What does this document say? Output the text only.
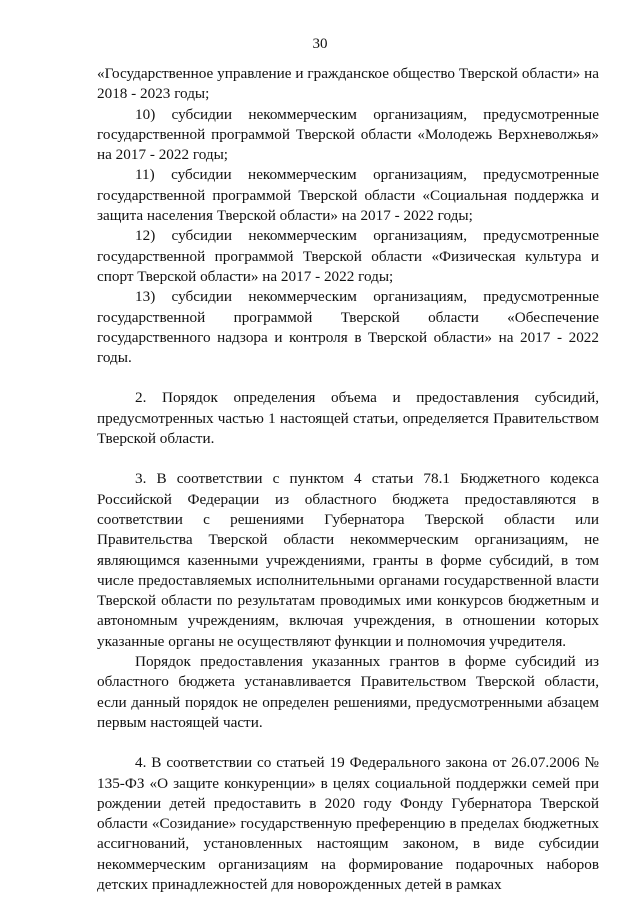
30

«Государственное управление и гражданское общество Тверской области» на 2018 - 2023 годы;

10) субсидии некоммерческим организациям, предусмотренные государственной программой Тверской области «Молодежь Верхневолжья» на 2017 - 2022 годы;

11) субсидии некоммерческим организациям, предусмотренные государственной программой Тверской области «Социальная поддержка и защита населения Тверской области» на 2017 - 2022 годы;

12) субсидии некоммерческим организациям, предусмотренные государственной программой Тверской области «Физическая культура и спорт Тверской области» на 2017 - 2022 годы;

13) субсидии некоммерческим организациям, предусмотренные государственной программой Тверской области «Обеспечение государственного надзора и контроля в Тверской области» на 2017 - 2022 годы.

2. Порядок определения объема и предоставления субсидий, предусмотренных частью 1 настоящей статьи, определяется Правительством Тверской области.

3. В соответствии с пунктом 4 статьи 78.1 Бюджетного кодекса Российской Федерации из областного бюджета предоставляются в соответствии с решениями Губернатора Тверской области или Правительства Тверской области некоммерческим организациям, не являющимся казенными учреждениями, гранты в форме субсидий, в том числе предоставляемых исполнительными органами государственной власти Тверской области по результатам проводимых ими конкурсов бюджетным и автономным учреждениям, включая учреждения, в отношении которых указанные органы не осуществляют функции и полномочия учредителя.

Порядок предоставления указанных грантов в форме субсидий из областного бюджета устанавливается Правительством Тверской области, если данный порядок не определен решениями, предусмотренными абзацем первым настоящей части.

4. В соответствии со статьей 19 Федерального закона от 26.07.2006 № 135-ФЗ «О защите конкуренции» в целях социальной поддержки семей при рождении детей предоставить в 2020 году Фонду Губернатора Тверской области «Созидание» государственную преференцию в пределах бюджетных ассигнований, установленных настоящим законом, в виде субсидии некоммерческим организациям на формирование подарочных наборов детских принадлежностей для новорожденных детей в рамках
